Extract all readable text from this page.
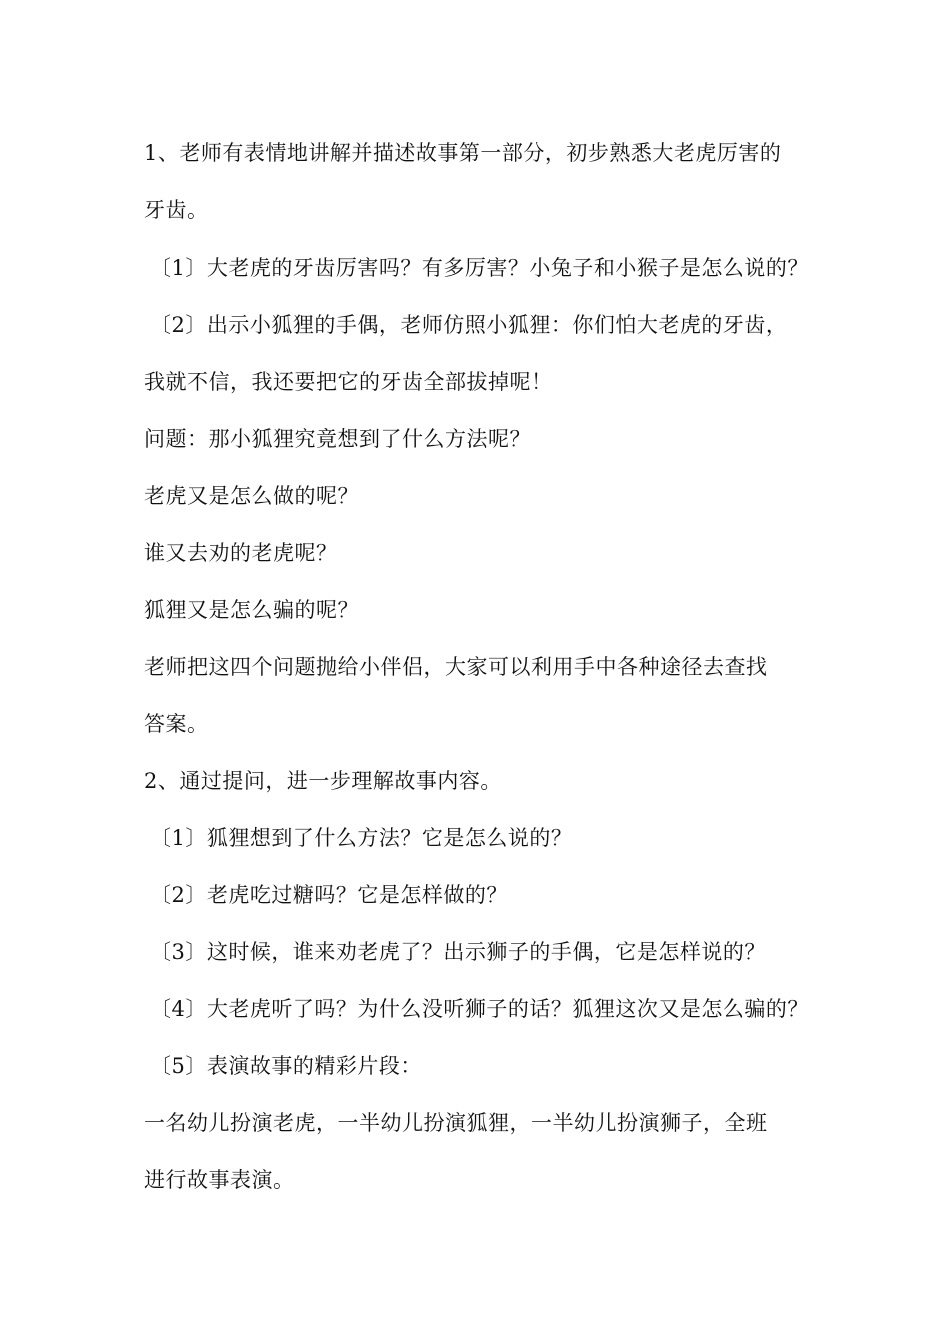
1、老师有表情地讲解并描述故事第一部分，初步熟悉大老虎厉害的
牙齿。
〔1〕大老虎的牙齿厉害吗？有多厉害？小兔子和小猴子是怎么说的？
〔2〕出示小狐狸的手偶，老师仿照小狐狸：你们怕大老虎的牙齿，
我就不信，我还要把它的牙齿全部拔掉呢！
问题：那小狐狸究竟想到了什么方法呢？
老虎又是怎么做的呢？
谁又去劝的老虎呢？
狐狸又是怎么骗的呢？
老师把这四个问题抛给小伴侣，大家可以利用手中各种途径去查找
答案。
2、通过提问，进一步理解故事内容。
〔1〕狐狸想到了什么方法？它是怎么说的？
〔2〕老虎吃过糖吗？它是怎样做的？
〔3〕这时候，谁来劝老虎了？出示狮子的手偶，它是怎样说的？
〔4〕大老虎听了吗？为什么没听狮子的话？狐狸这次又是怎么骗的？
〔5〕表演故事的精彩片段：
一名幼儿扮演老虎，一半幼儿扮演狐狸，一半幼儿扮演狮子，全班
进行故事表演。
